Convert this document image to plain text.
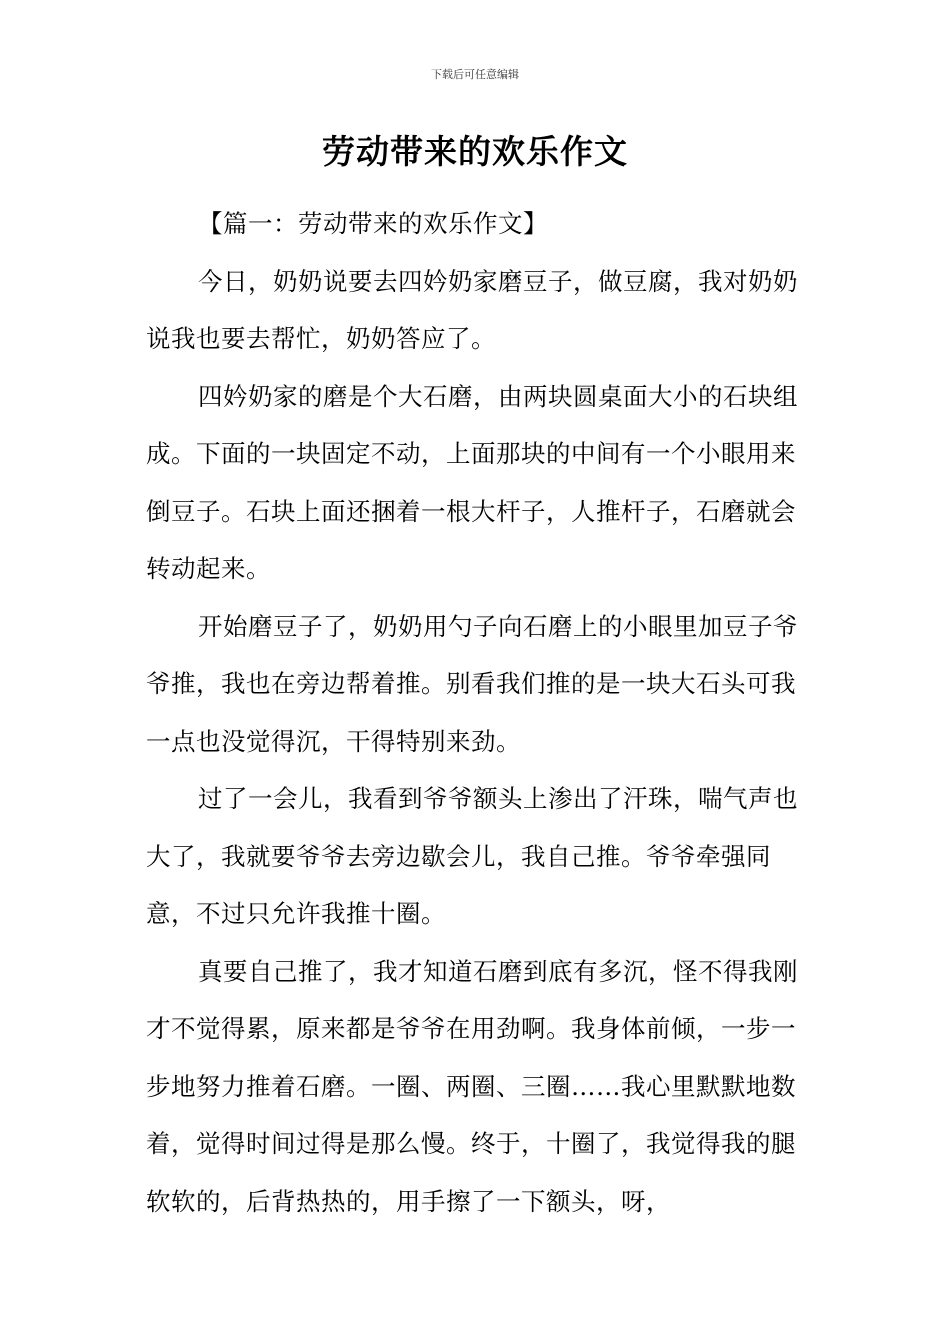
下载后可任意编辑
劳动带来的欢乐作文

【篇一：劳动带来的欢乐作文】

今日，奶奶说要去四妗奶家磨豆子，做豆腐，我对奶奶说我也要去帮忙，奶奶答应了。

四妗奶家的磨是个大石磨，由两块圆桌面大小的石块组成。下面的一块固定不动，上面那块的中间有一个小眼用来倒豆子。石块上面还捆着一根大杆子，人推杆子，石磨就会转动起来。

开始磨豆子了，奶奶用勺子向石磨上的小眼里加豆子爷爷推，我也在旁边帮着推。别看我们推的是一块大石头可我一点也没觉得沉，干得特别来劲。

过了一会儿，我看到爷爷额头上渗出了汗珠，喘气声也大了，我就要爷爷去旁边歇会儿，我自己推。爷爷牵强同意，不过只允许我推十圈。

真要自己推了，我才知道石磨到底有多沉，怪不得我刚才不觉得累，原来都是爷爷在用劲啊。我身体前倾，一步一步地努力推着石磨。一圈、两圈、三圈……我心里默默地数着，觉得时间过得是那么慢。终于，十圈了，我觉得我的腿软软的，后背热热的，用手擦了一下额头，呀，
